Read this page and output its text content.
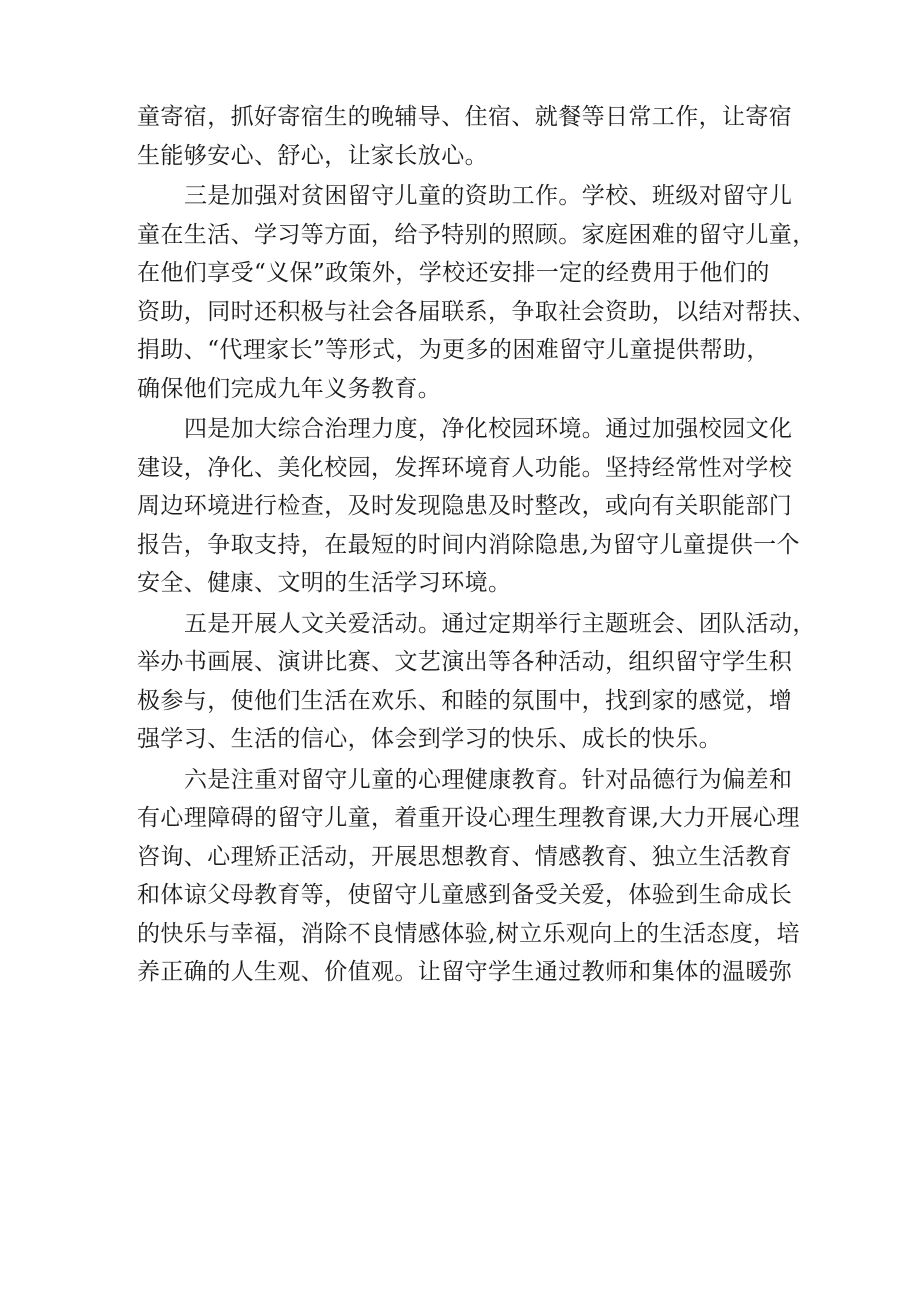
童寄宿，抓好寄宿生的晚辅导、住宿、就餐等日常工作，让寄宿
生能够安心、舒心，让家长放心。
三是加强对贫困留守儿童的资助工作。学校、班级对留守儿
童在生活、学习等方面，给予特别的照顾。家庭困难的留守儿童，
在他们享受“义保”政策外，学校还安排一定的经费用于他们的
资助，同时还积极与社会各届联系，争取社会资助，以结对帮扶、
捐助、“代理家长”等形式，为更多的困难留守儿童提供帮助，
确保他们完成九年义务教育。
四是加大综合治理力度，净化校园环境。通过加强校园文化
建设，净化、美化校园，发挥环境育人功能。坚持经常性对学校
周边环境进行检查，及时发现隐患及时整改，或向有关职能部门
报告，争取支持，在最短的时间内消除隐患,为留守儿童提供一个
安全、健康、文明的生活学习环境。
五是开展人文关爱活动。通过定期举行主题班会、团队活动，
举办书画展、演讲比赛、文艺演出等各种活动，组织留守学生积
极参与，使他们生活在欢乐、和睦的氛围中，找到家的感觉，增
强学习、生活的信心，体会到学习的快乐、成长的快乐。
六是注重对留守儿童的心理健康教育。针对品德行为偏差和
有心理障碍的留守儿童，着重开设心理生理教育课,大力开展心理
咨询、心理矫正活动，开展思想教育、情感教育、独立生活教育
和体谅父母教育等，使留守儿童感到备受关爱，体验到生命成长
的快乐与幸福，消除不良情感体验,树立乐观向上的生活态度，培
养正确的人生观、价值观。让留守学生通过教师和集体的温暖弥
